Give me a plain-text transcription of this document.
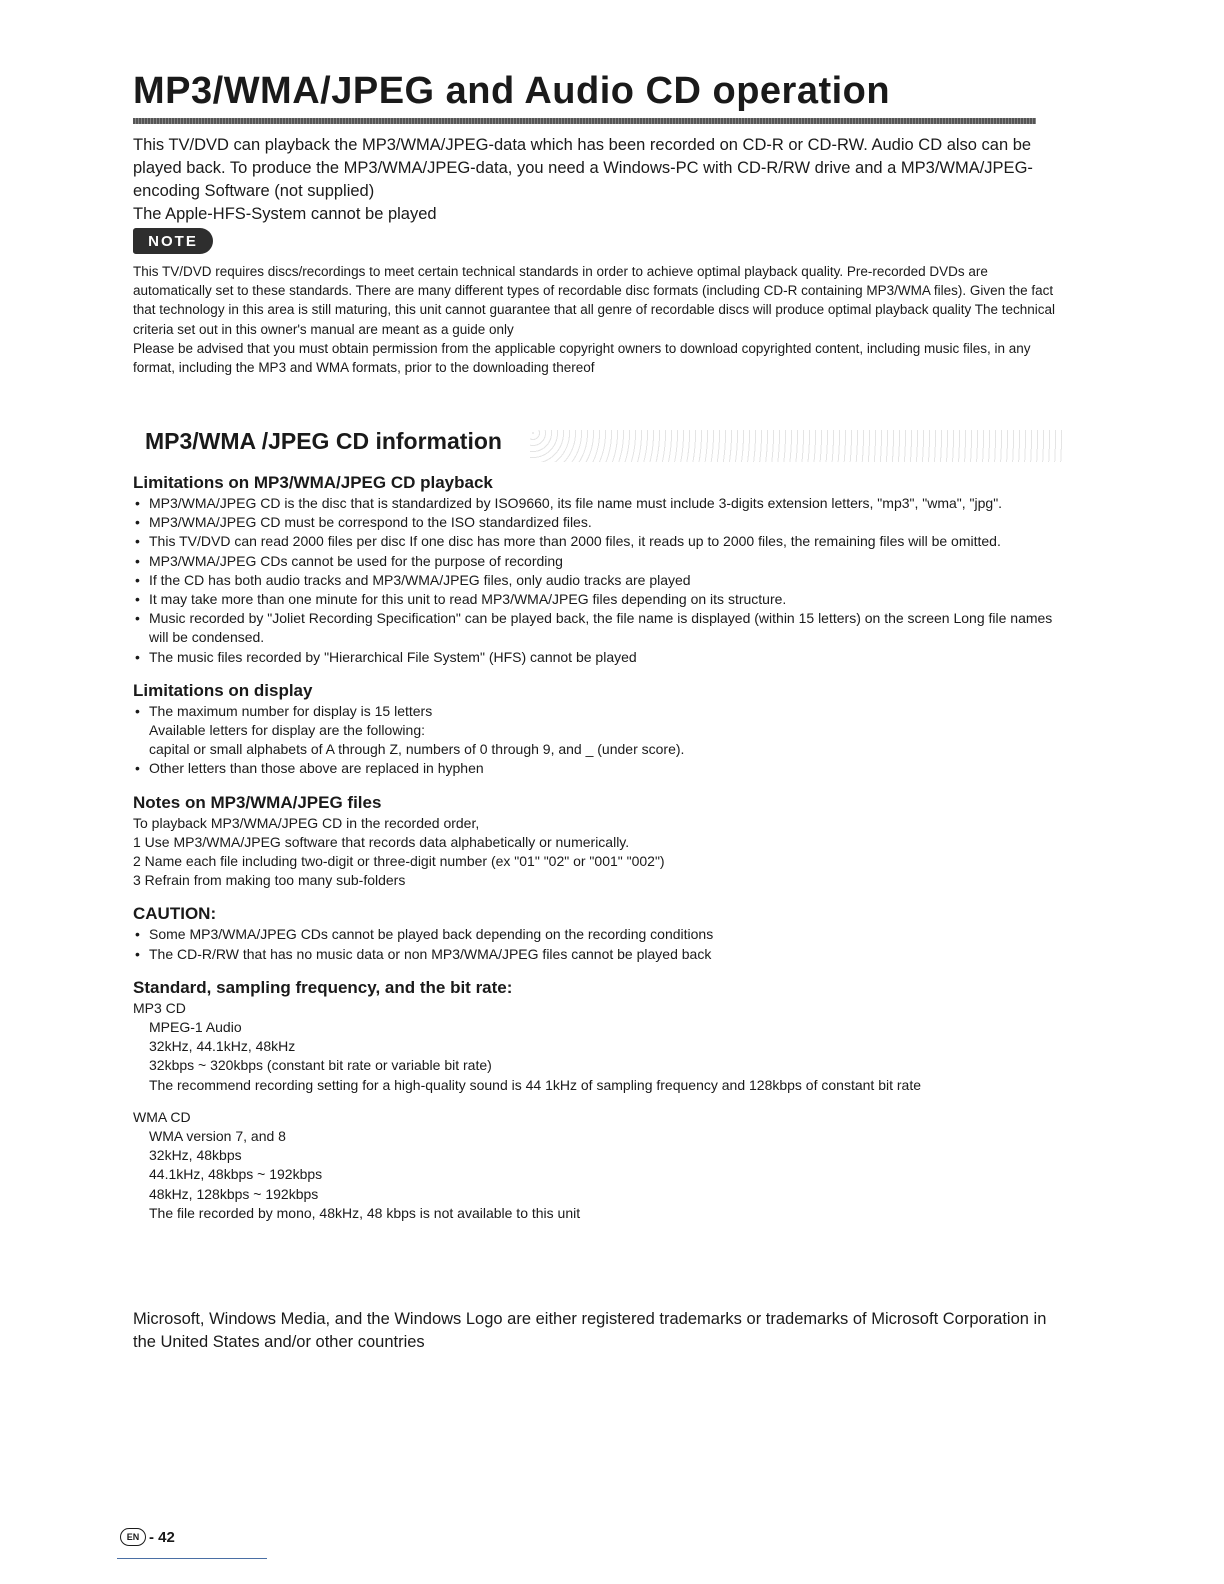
MP3/WMA/JPEG and Audio CD operation

This TV/DVD can playback the MP3/WMA/JPEG-data which has been recorded on CD-R or CD-RW. Audio CD also can be played back. To produce the MP3/WMA/JPEG-data, you need a Windows-PC with CD-R/RW drive and a MP3/WMA/JPEG-encoding Software (not supplied)

The Apple-HFS-System cannot be played

NOTE

This TV/DVD requires discs/recordings to meet certain technical standards in order to achieve optimal playback quality. Pre-recorded DVDs are automatically set to these standards. There are many different types of recordable disc formats (including CD-R containing MP3/WMA files). Given the fact that technology in this area is still maturing, this unit cannot guarantee that all genre of recordable discs will produce optimal playback quality The technical criteria set out in this owner's manual are meant as a guide only

Please be advised that you must obtain permission from the applicable copyright owners to download copyrighted content, including music files, in any format, including the MP3 and WMA formats, prior to the downloading thereof

MP3/WMA /JPEG CD information
Limitations on MP3/WMA/JPEG CD playback
• MP3/WMA/JPEG CD is the disc that is standardized by ISO9660, its file name must include 3-digits extension letters, "mp3", "wma", "jpg".
• MP3/WMA/JPEG CD must be correspond to the ISO standardized files.
• This TV/DVD can read 2000 files per disc If one disc has more than 2000 files, it reads up to 2000 files, the remaining files will be omitted.
• MP3/WMA/JPEG CDs cannot be used for the purpose of recording
• If the CD has both audio tracks and MP3/WMA/JPEG files, only audio tracks are played
• It may take more than one minute for this unit to read MP3/WMA/JPEG files depending on its structure.
• Music recorded by "Joliet Recording Specification" can be played back, the file name is displayed (within 15 letters) on the screen Long file names will be condensed.
• The music files recorded by "Hierarchical File System" (HFS) cannot be played
Limitations on display
• The maximum number for display is 15 letters
Available letters for display are the following:
capital or small alphabets of A through Z, numbers of 0 through 9, and _ (under score).
• Other letters than those above are replaced in hyphen
Notes on MP3/WMA/JPEG files

To playback MP3/WMA/JPEG CD in the recorded order,

1 Use MP3/WMA/JPEG software that records data alphabetically or numerically.

2 Name each file including two-digit or three-digit number (ex "01" "02" or "001" "002")

3 Refrain from making too many sub-folders

CAUTION:
• Some MP3/WMA/JPEG CDs cannot be played back depending on the recording conditions
• The CD-R/RW that has no music data or non MP3/WMA/JPEG files cannot be played back
Standard, sampling frequency, and the bit rate:

MP3 CD

MPEG-1 Audio

32kHz, 44.1kHz, 48kHz

32kbps ~ 320kbps (constant bit rate or variable bit rate)

The recommend recording setting for a high-quality sound is 44 1kHz of sampling frequency and 128kbps of constant bit rate

WMA CD

WMA version 7, and 8

32kHz, 48kbps

44.1kHz, 48kbps ~ 192kbps

48kHz, 128kbps ~ 192kbps

The file recorded by mono, 48kHz, 48 kbps is not available to this unit

Microsoft, Windows Media, and the Windows Logo are either registered trademarks or trademarks of Microsoft Corporation in the United States and/or other countries

EN - 42
